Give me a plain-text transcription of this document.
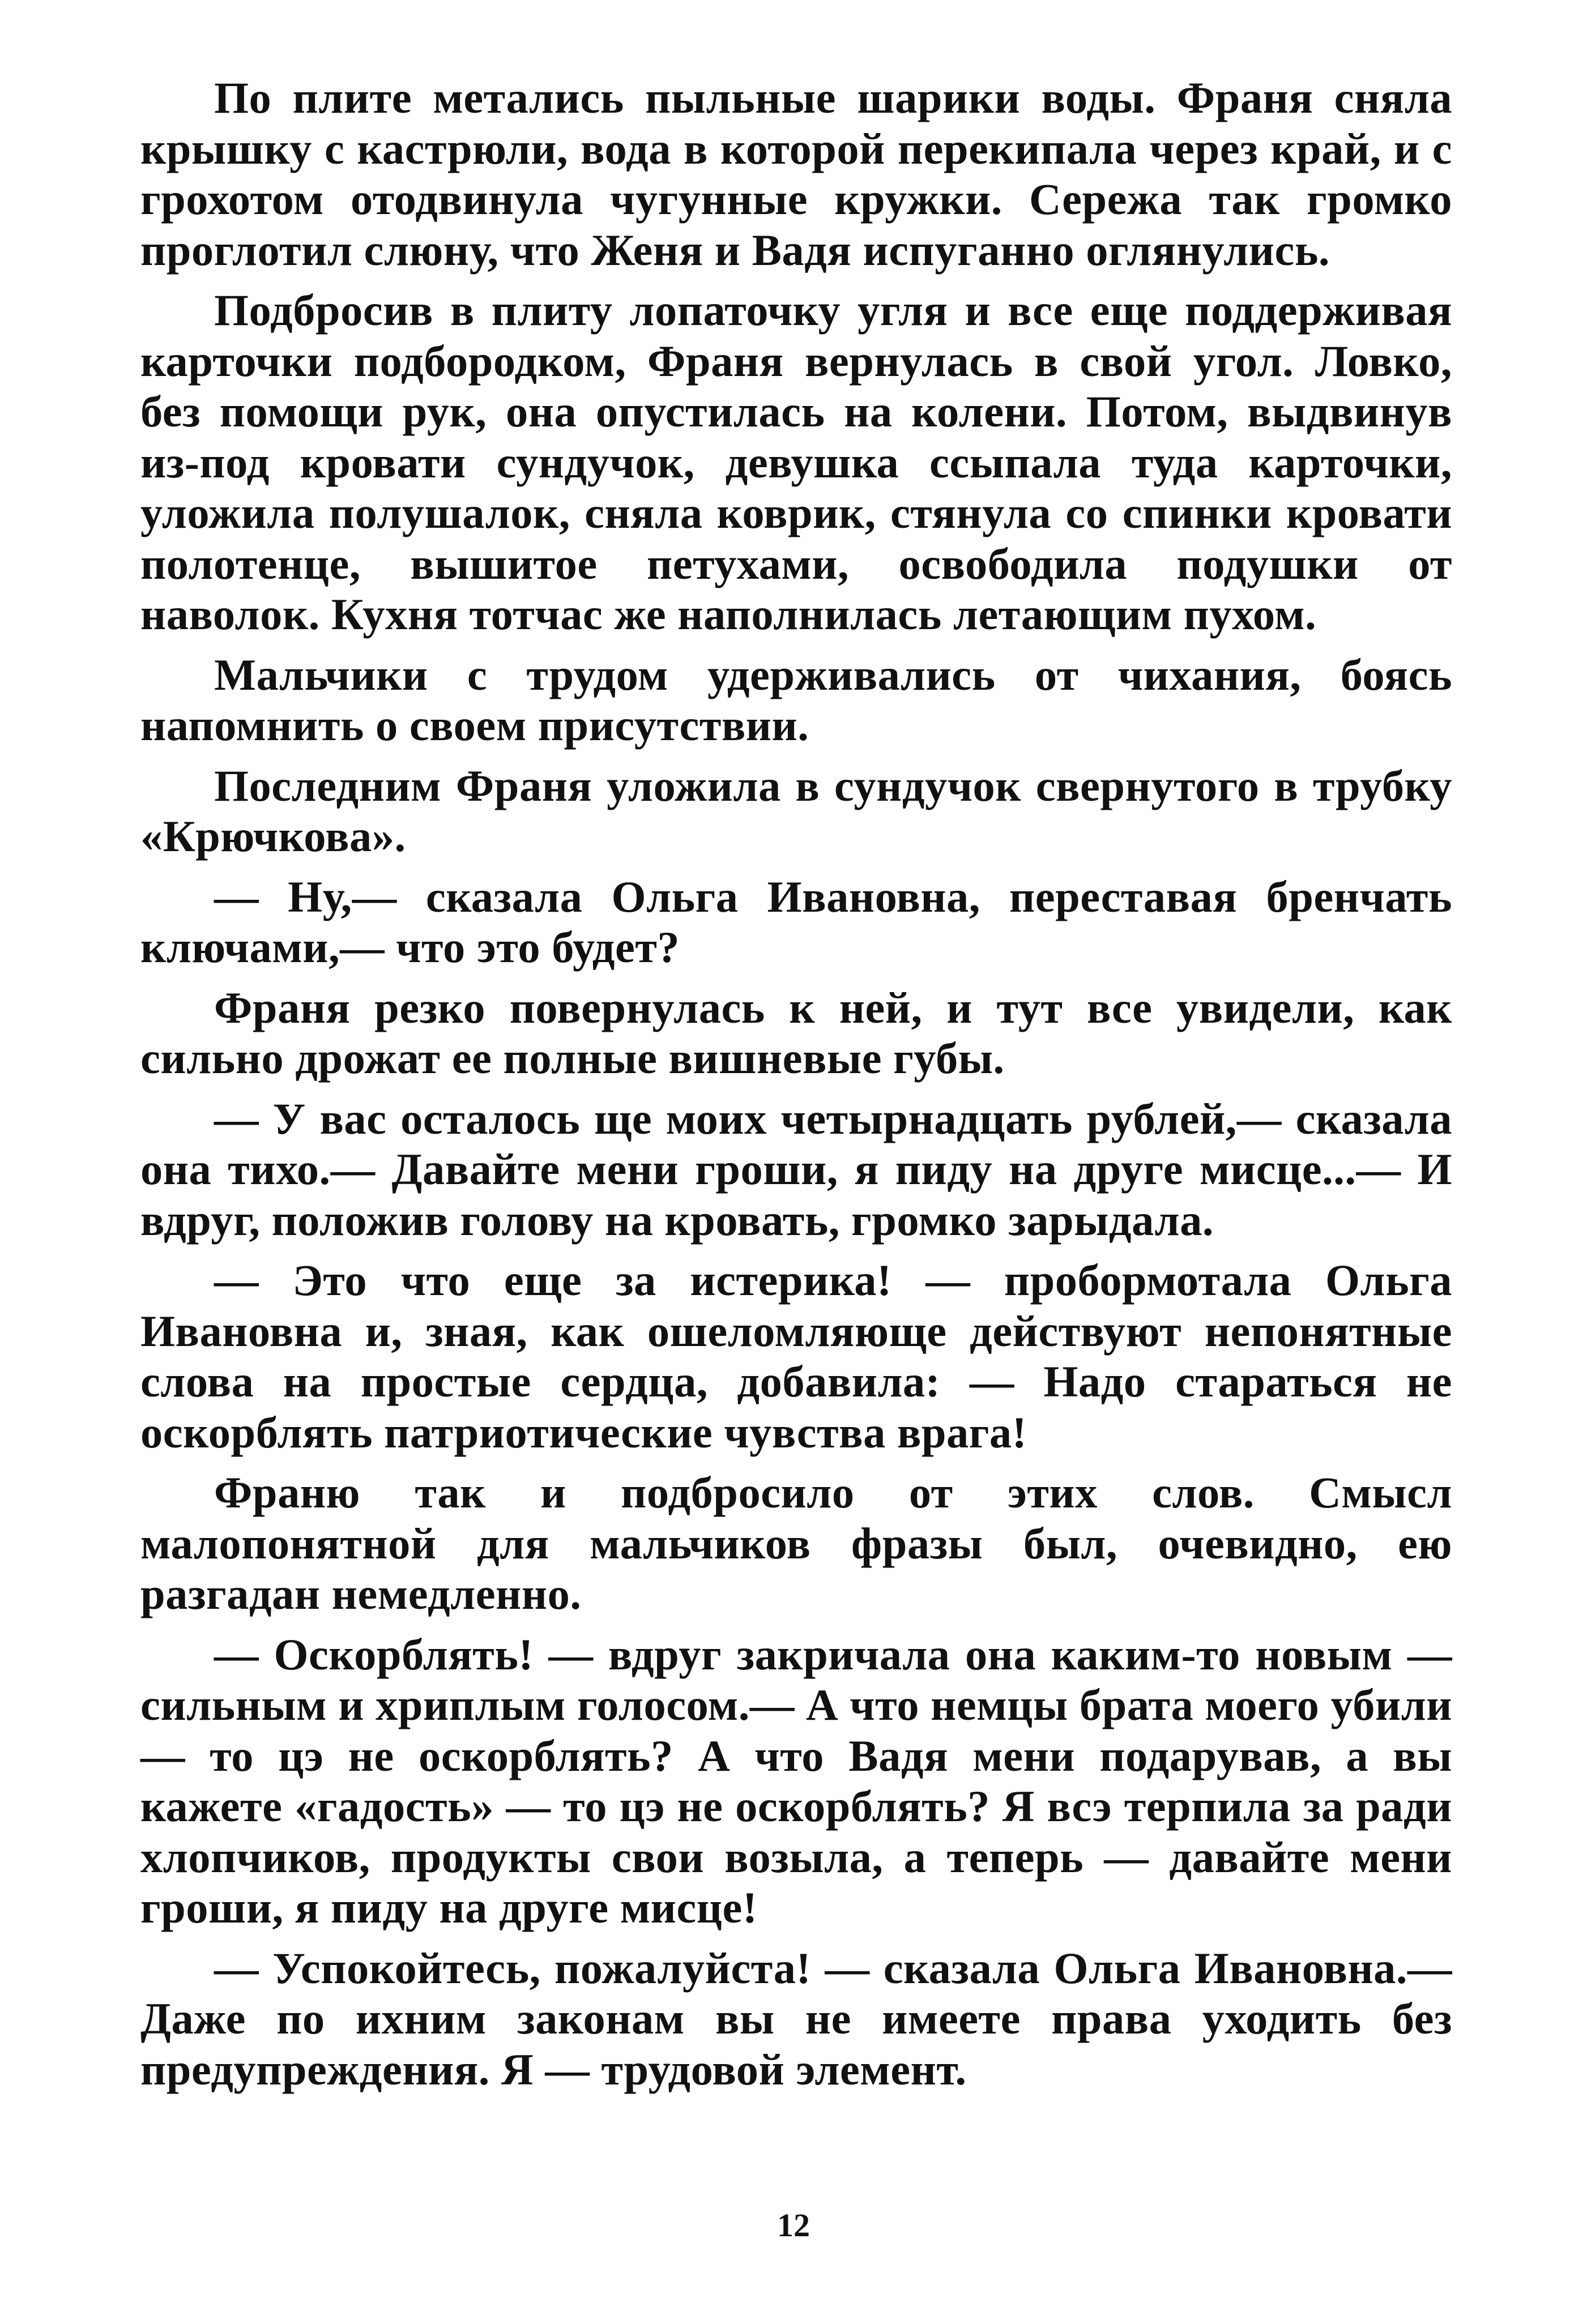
По плите метались пыльные шарики воды. Франя сняла крышку с кастрюли, вода в которой перекипала через край, и с грохотом отодвинула чугунные кружки. Сережа так громко проглотил слюну, что Женя и Вадя испуганно оглянулись.

Подбросив в плиту лопаточку угля и все еще поддерживая карточки подбородком, Франя вернулась в свой угол. Ловко, без помощи рук, она опустилась на колени. Потом, выдвинув из-под кровати сундучок, девушка ссыпала туда карточки, уложила полушалок, сняла коврик, стянула со спинки кровати полотенце, вышитое петухами, освободила подушки от наволок. Кухня тотчас же наполнилась летающим пухом.

Мальчики с трудом удерживались от чихания, боясь напомнить о своем присутствии.

Последним Франя уложила в сундучок свернутого в трубку «Крючкова».

— Ну,— сказала Ольга Ивановна, переставая бренчать ключами,— что это будет?

Франя резко повернулась к ней, и тут все увидели, как сильно дрожат ее полные вишневые губы.

— У вас осталось ще моих четырнадцать рублей,— сказала она тихо.— Давайте мени гроши, я пиду на друге мисце...— И вдруг, положив голову на кровать, громко зарыдала.

— Это что еще за истерика! — пробормотала Ольга Ивановна и, зная, как ошеломляюще действуют непонятные слова на простые сердца, добавила: — Надо стараться не оскорблять патриотические чувства врага!

Франю так и подбросило от этих слов. Смысл малопонятной для мальчиков фразы был, очевидно, ею разгадан немедленно.

— Оскорблять! — вдруг закричала она каким-то новым — сильным и хриплым голосом.— А что немцы брата моего убили — то цэ не оскорблять? А что Вадя мени подарував, а вы кажете «гадость» — то цэ не оскорблять? Я всэ терпила за ради хлопчиков, продукты свои возыла, а теперь — давайте мени гроши, я пиду на друге мисце!

— Успокойтесь, пожалуйста! — сказала Ольга Ивановна.— Даже по ихним законам вы не имеете права уходить без предупреждения. Я — трудовой элемент.

12
